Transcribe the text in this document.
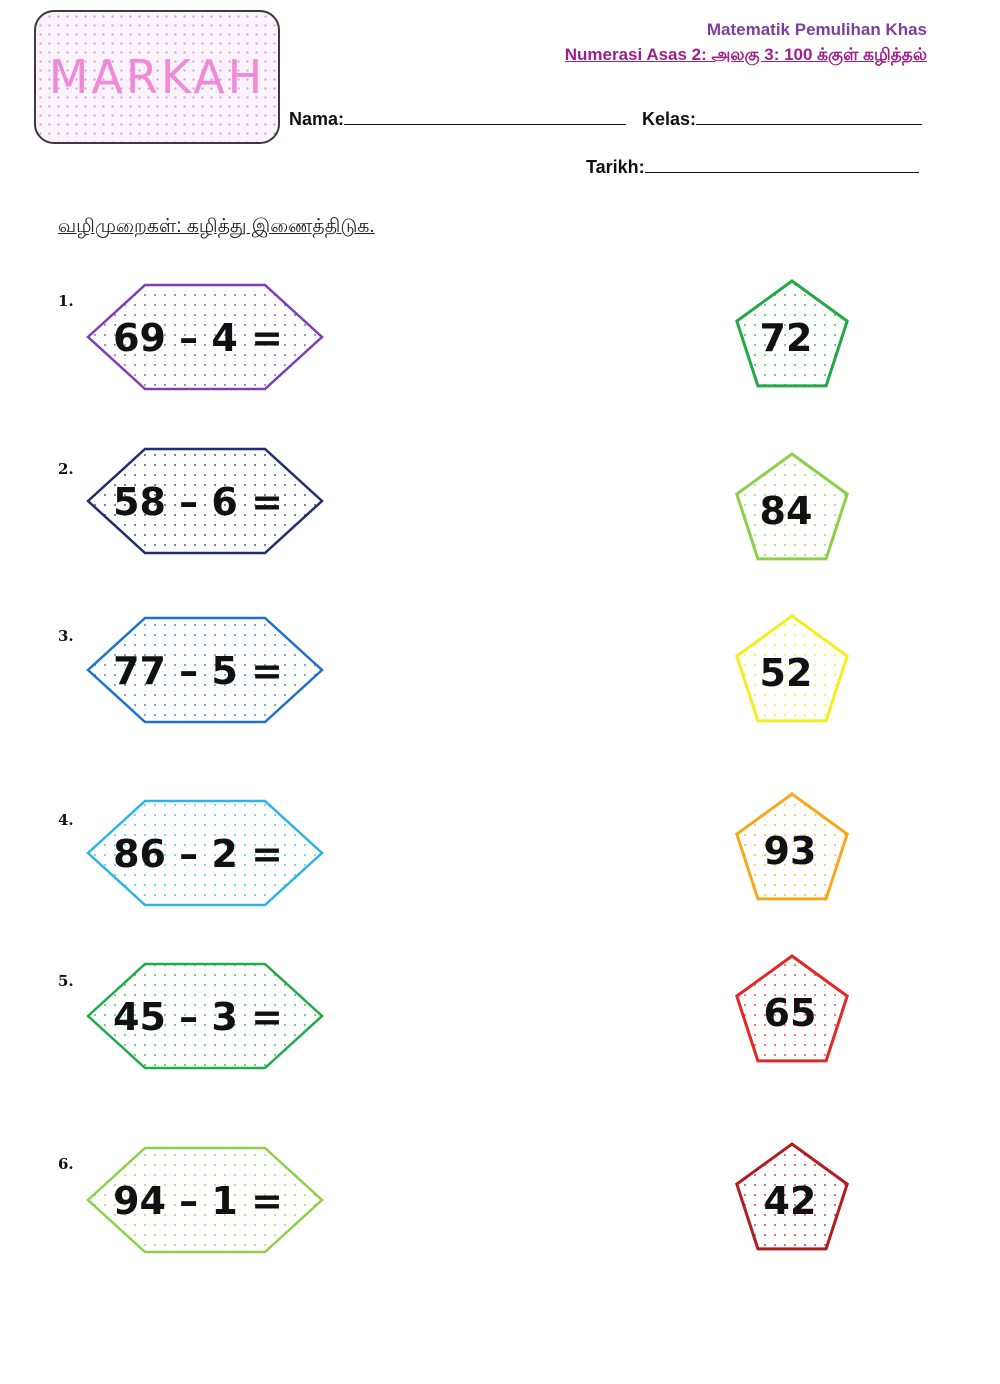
MARKAH
Matematik Pemulihan Khas
Numerasi Asas 2: அலகு 3: 100 க்குள் கழித்தல்
Nama:	Kelas:
Tarikh:
வழிமுறைகள்: கழித்து இணைத்திடுக.
1.
2.
3.
4.
5.
6.
69 – 4 =
58 – 6 =
77 – 5 =
86 – 2 =
45 – 3 =
94 – 1 =
72
84
52
93
65
42
